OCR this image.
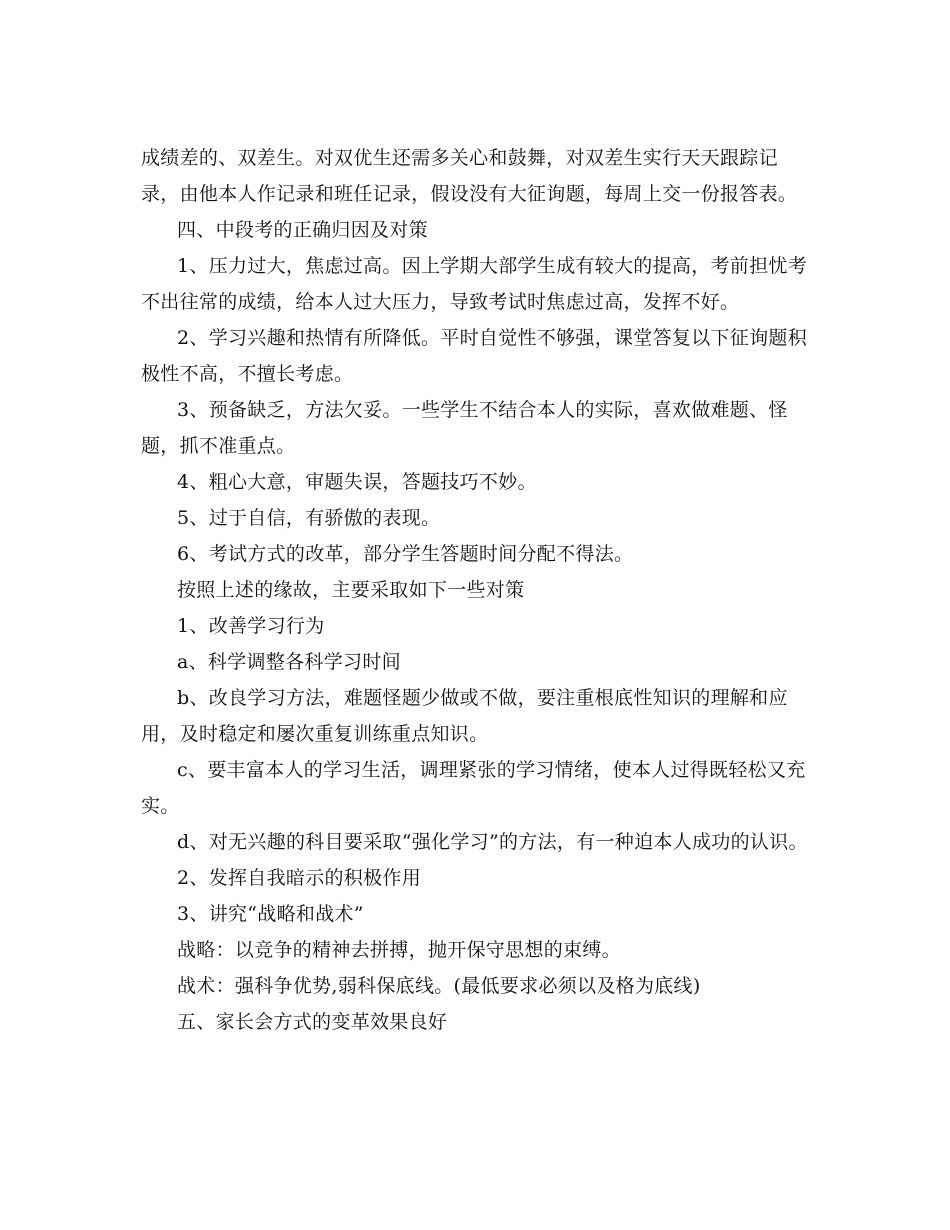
成绩差的、双差生。对双优生还需多关心和鼓舞，对双差生实行天天跟踪记录，由他本人作记录和班任记录，假设没有大征询题，每周上交一份报答表。

四、中段考的正确归因及对策

1、压力过大，焦虑过高。因上学期大部学生成有较大的提高，考前担忧考不出往常的成绩，给本人过大压力，导致考试时焦虑过高，发挥不好。

2、学习兴趣和热情有所降低。平时自觉性不够强，课堂答复以下征询题积极性不高，不擅长考虑。

3、预备缺乏，方法欠妥。一些学生不结合本人的实际，喜欢做难题、怪题，抓不准重点。

4、粗心大意，审题失误，答题技巧不妙。

5、过于自信，有骄傲的表现。

6、考试方式的改革，部分学生答题时间分配不得法。

按照上述的缘故，主要采取如下一些对策

1、改善学习行为

a、科学调整各科学习时间

b、改良学习方法，难题怪题少做或不做，要注重根底性知识的理解和应用，及时稳定和屡次重复训练重点知识。

c、要丰富本人的学习生活，调理紧张的学习情绪，使本人过得既轻松又充实。

d、对无兴趣的科目要采取“强化学习”的方法，有一种迫本人成功的认识。

2、发挥自我暗示的积极作用

3、讲究“战略和战术”

战略：以竞争的精神去拼搏，抛开保守思想的束缚。

战术：强科争优势,弱科保底线。(最低要求必须以及格为底线)

五、家长会方式的变革效果良好
